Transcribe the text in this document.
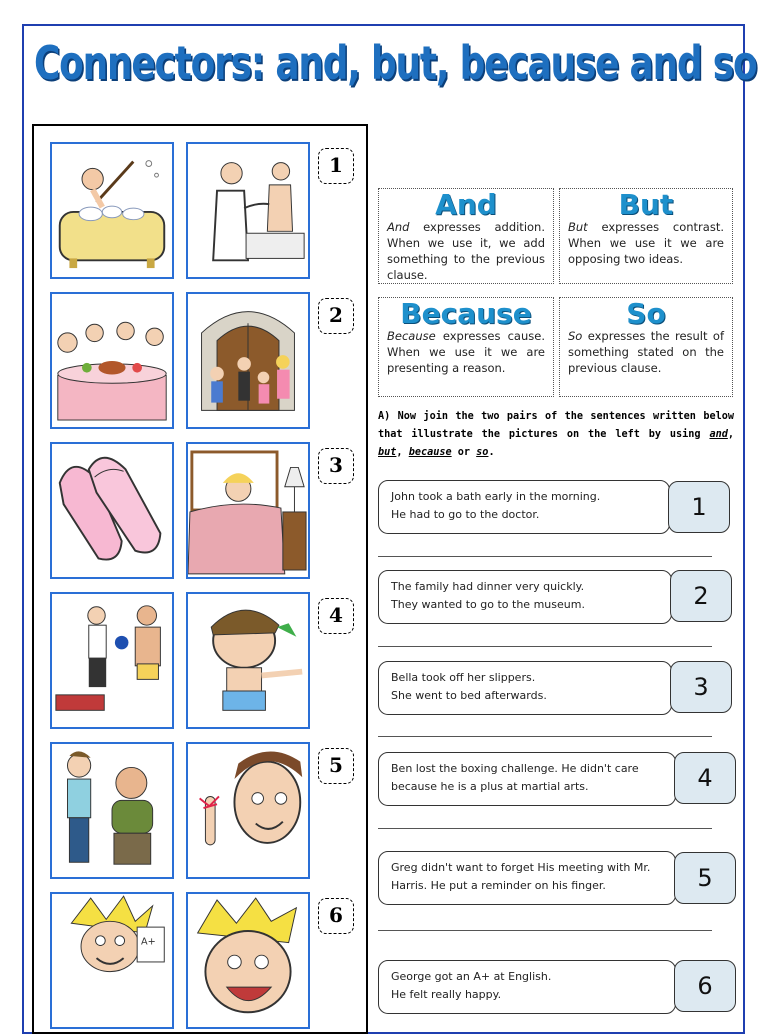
Connectors: and, but, because and so
1
2
3
4
5
A+
6
And
And expresses addition. When we use it, we add something to the previous clause.
But
But expresses contrast. When we use it we are opposing two ideas.
Because
Because expresses cause. When we use it we are presenting a reason.
So
So expresses the result of something stated on the previous clause.
A) Now join the two pairs of the sentences written below that illustrate the pictures on the left by using and, but, because or so.
John took a bath early in the morning.
He had to go to the doctor.	1
The family had dinner very quickly.
They wanted to go to the museum.	2
Bella took off her slippers.
She went to bed afterwards.	3
Ben lost the boxing challenge. He didn't care
because he is a plus at martial arts.	4
Greg didn't want to forget His meeting with Mr.
Harris. He put a reminder on his finger.	5
George got an A+ at English.
He felt really happy.	6
